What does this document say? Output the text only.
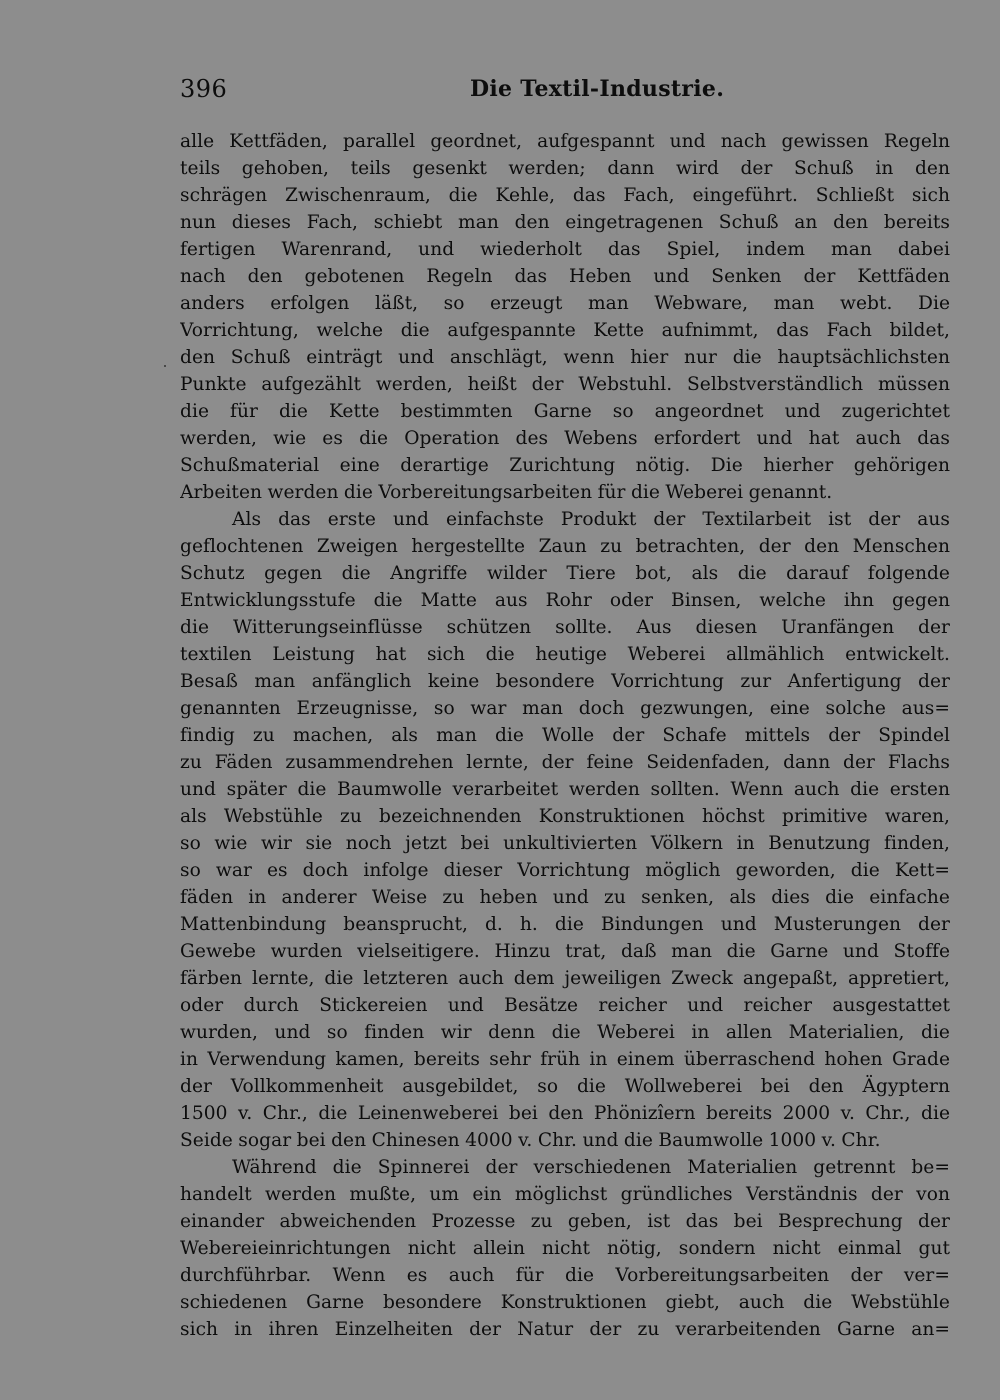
396	Die Textil-Industrie.
alle Kettfäden, parallel geordnet, aufgespannt und nach gewissen Regeln
teils gehoben, teils gesenkt werden; dann wird der Schuß in den
schrägen Zwischenraum, die Kehle, das Fach, eingeführt. Schließt sich
nun dieses Fach, schiebt man den eingetragenen Schuß an den bereits
fertigen Warenrand, und wiederholt das Spiel, indem man dabei
nach den gebotenen Regeln das Heben und Senken der Kettfäden
anders erfolgen läßt, so erzeugt man Webware, man webt. Die
Vorrichtung, welche die aufgespannte Kette aufnimmt, das Fach bildet,
den Schuß einträgt und anschlägt, wenn hier nur die hauptsächlichsten
Punkte aufgezählt werden, heißt der Webstuhl. Selbstverständlich müssen
die für die Kette bestimmten Garne so angeordnet und zugerichtet
werden, wie es die Operation des Webens erfordert und hat auch das
Schußmaterial eine derartige Zurichtung nötig. Die hierher gehörigen
Arbeiten werden die Vorbereitungsarbeiten für die Weberei genannt.
Als das erste und einfachste Produkt der Textilarbeit ist der aus
geflochtenen Zweigen hergestellte Zaun zu betrachten, der den Menschen
Schutz gegen die Angriffe wilder Tiere bot, als die darauf folgende
Entwicklungsstufe die Matte aus Rohr oder Binsen, welche ihn gegen
die Witterungseinflüsse schützen sollte. Aus diesen Uranfängen der
textilen Leistung hat sich die heutige Weberei allmählich entwickelt.
Besaß man anfänglich keine besondere Vorrichtung zur Anfertigung der
genannten Erzeugnisse, so war man doch gezwungen, eine solche aus=
findig zu machen, als man die Wolle der Schafe mittels der Spindel
zu Fäden zusammendrehen lernte, der feine Seidenfaden, dann der Flachs
und später die Baumwolle verarbeitet werden sollten. Wenn auch die ersten
als Webstühle zu bezeichnenden Konstruktionen höchst primitive waren,
so wie wir sie noch jetzt bei unkultivierten Völkern in Benutzung finden,
so war es doch infolge dieser Vorrichtung möglich geworden, die Kett=
fäden in anderer Weise zu heben und zu senken, als dies die einfache
Mattenbindung beansprucht, d. h. die Bindungen und Musterungen der
Gewebe wurden vielseitigere. Hinzu trat, daß man die Garne und Stoffe
färben lernte, die letzteren auch dem jeweiligen Zweck angepaßt, appretiert,
oder durch Stickereien und Besätze reicher und reicher ausgestattet
wurden, und so finden wir denn die Weberei in allen Materialien, die
in Verwendung kamen, bereits sehr früh in einem überraschend hohen Grade
der Vollkommenheit ausgebildet, so die Wollweberei bei den Ägyptern
1500 v. Chr., die Leinenweberei bei den Phönizîern bereits 2000 v. Chr., die
Seide sogar bei den Chinesen 4000 v. Chr. und die Baumwolle 1000 v. Chr.
Während die Spinnerei der verschiedenen Materialien getrennt be=
handelt werden mußte, um ein möglichst gründliches Verständnis der von
einander abweichenden Prozesse zu geben, ist das bei Besprechung der
Webereieinrichtungen nicht allein nicht nötig, sondern nicht einmal gut
durchführbar. Wenn es auch für die Vorbereitungsarbeiten der ver=
schiedenen Garne besondere Konstruktionen giebt, auch die Webstühle
sich in ihren Einzelheiten der Natur der zu verarbeitenden Garne an=
